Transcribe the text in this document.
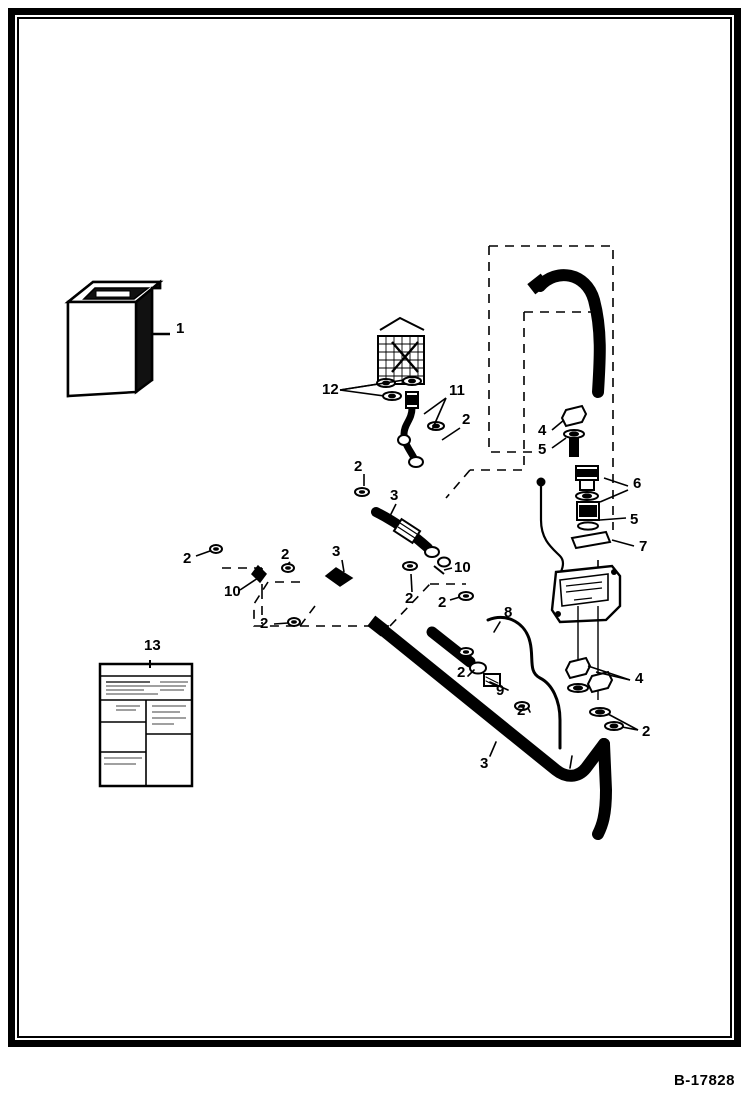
1
12	11
2
4
5
6
2
3
5
7
2	2	3
10
10	2 2
8
2
13	3
2	4
9
2
2
3
3
B-17828
